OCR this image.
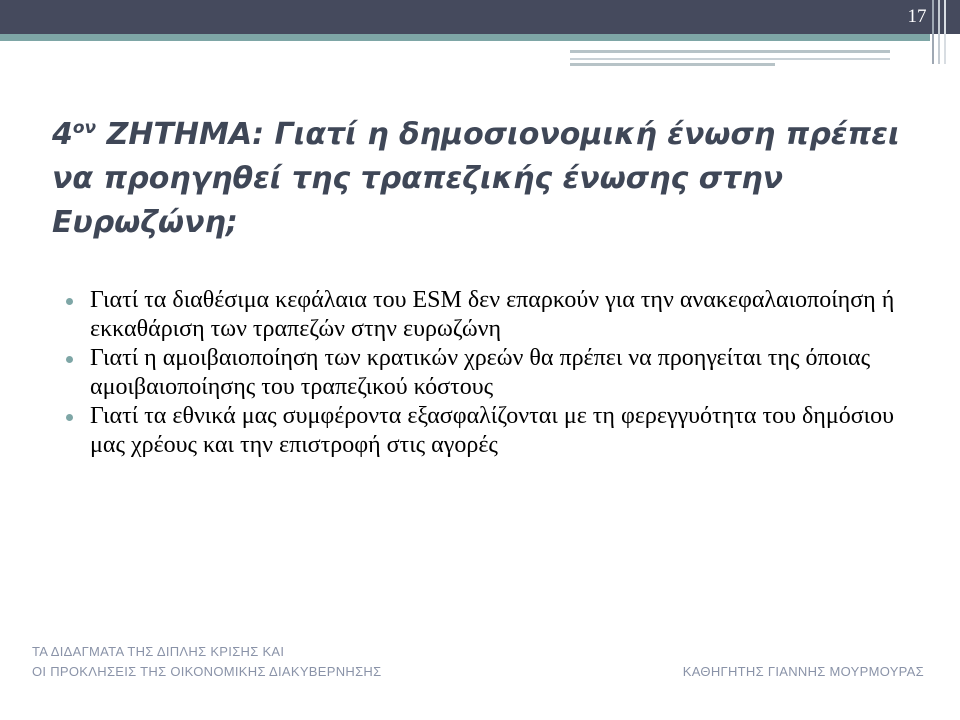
17
$4^{o\nu}$ ΖΗΤΗΜΑ: Γιατί η δημοσιονομική ένωση πρέπει να προηγηθεί της τραπεζικής ένωσης στην Ευρωζώνη;
Γιατί τα διαθέσιμα κεφάλαια του ESM δεν επαρκούν για την ανακεφαλαιοποίηση ή εκκαθάριση των τραπεζών στην ευρωζώνη
Γιατί η αμοιβαιοποίηση των κρατικών χρεών θα πρέπει να προηγείται της όποιας αμοιβαιοποίησης του τραπεζικού κόστους
Γιατί τα εθνικά μας συμφέροντα εξασφαλίζονται με τη φερεγγυότητα του δημόσιου μας χρέους και την επιστροφή στις αγορές
ΤΑ ΔΙΔΑΓΜΑΤΑ ΤΗΣ ΔΙΠΛΗΣ ΚΡΙΣΗΣ ΚΑΙ
ΟΙ ΠΡΟΚΛΗΣΕΙΣ ΤΗΣ ΟΙΚΟΝΟΜΙΚΗΣ ΔΙΑΚΥΒΕΡΝΗΣΗΣ	ΚΑΘΗΓΗΤΗΣ ΓΙΑΝΝΗΣ ΜΟΥΡΜΟΥΡΑΣ
